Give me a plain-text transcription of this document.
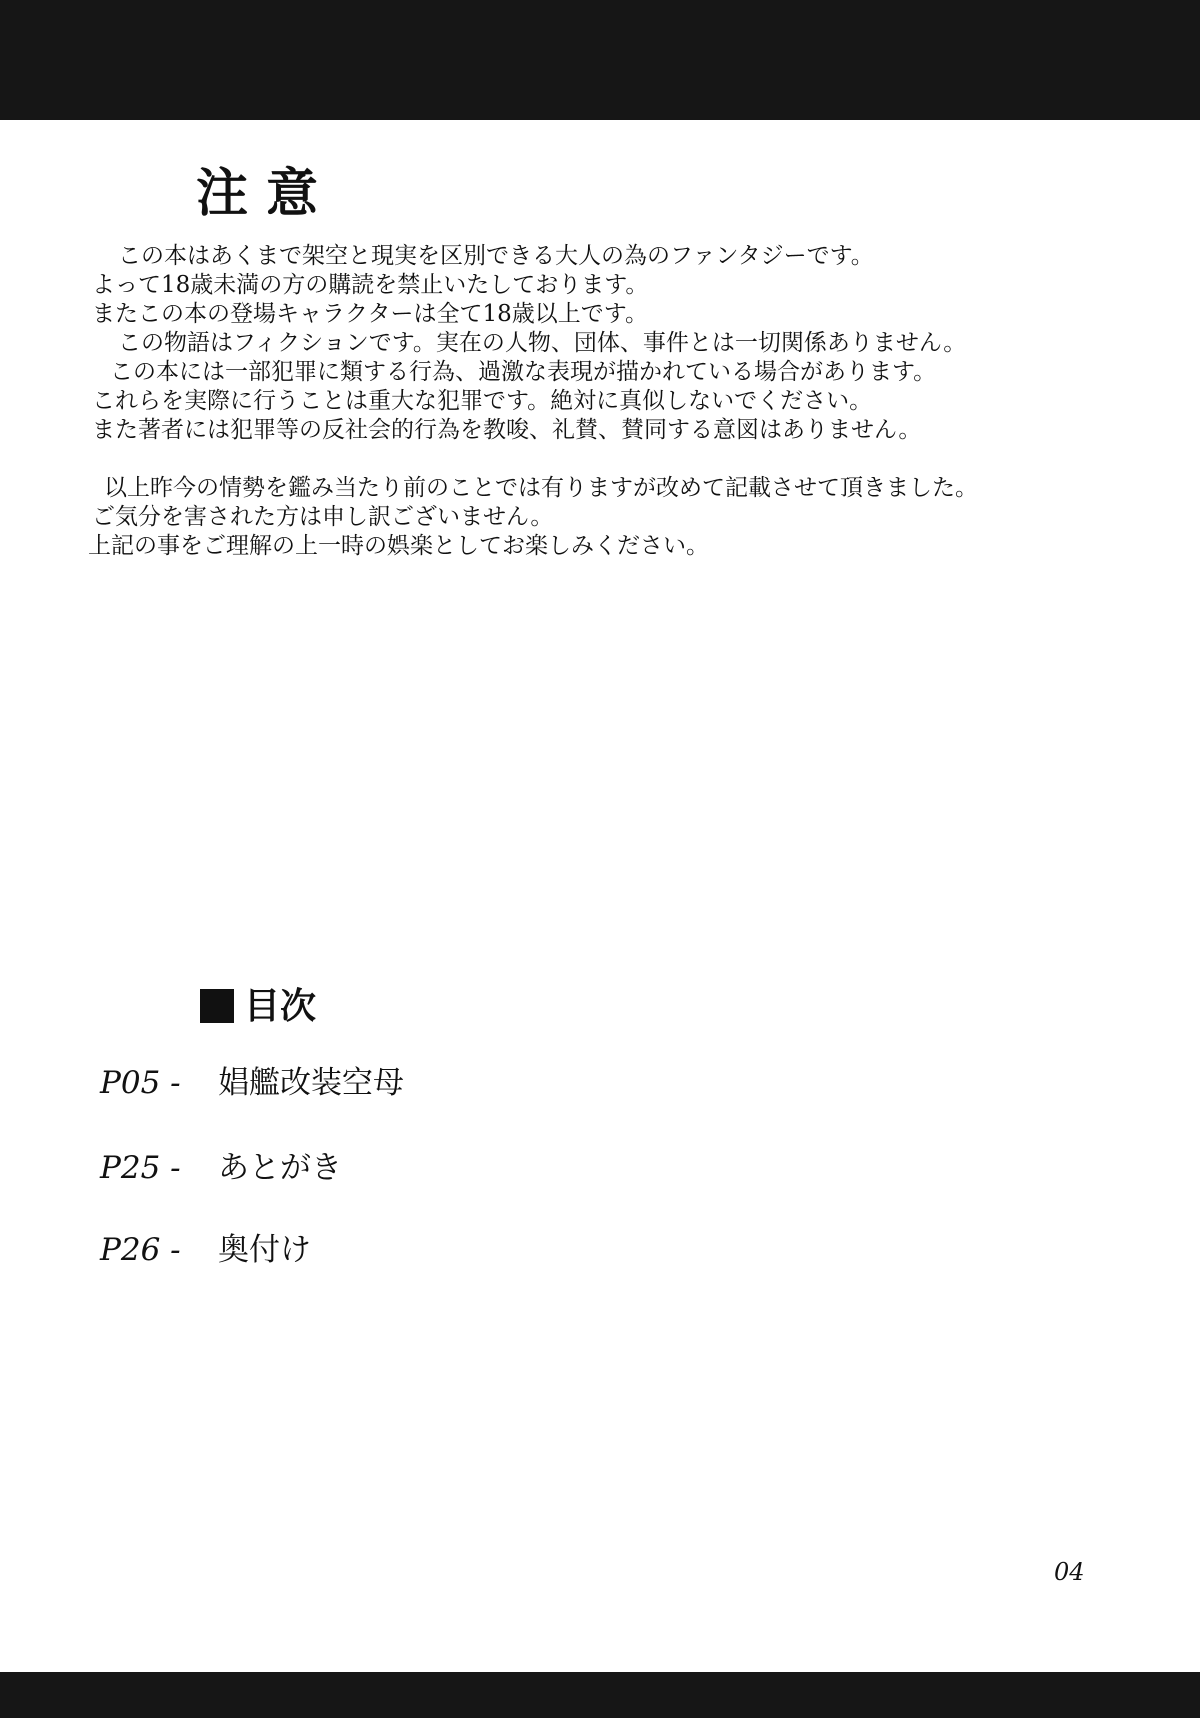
注意

この本はあくまで架空と現実を区別できる大人の為のファンタジーです。

よって18歳未満の方の購読を禁止いたしております。

またこの本の登場キャラクターは全て18歳以上です。

この物語はフィクションです。実在の人物、団体、事件とは一切関係ありません。

この本には一部犯罪に類する行為、過激な表現が描かれている場合があります。

これらを実際に行うことは重大な犯罪です。絶対に真似しないでください。

また著者には犯罪等の反社会的行為を教唆、礼賛、賛同する意図はありません。

以上昨今の情勢を鑑み当たり前のことでは有りますが改めて記載させて頂きました。

ご気分を害された方は申し訳ございません。

上記の事をご理解の上一時の娯楽としてお楽しみください。

目次
P05 - 娼艦改装空母
P25 - あとがき
P26 - 奥付け
04
